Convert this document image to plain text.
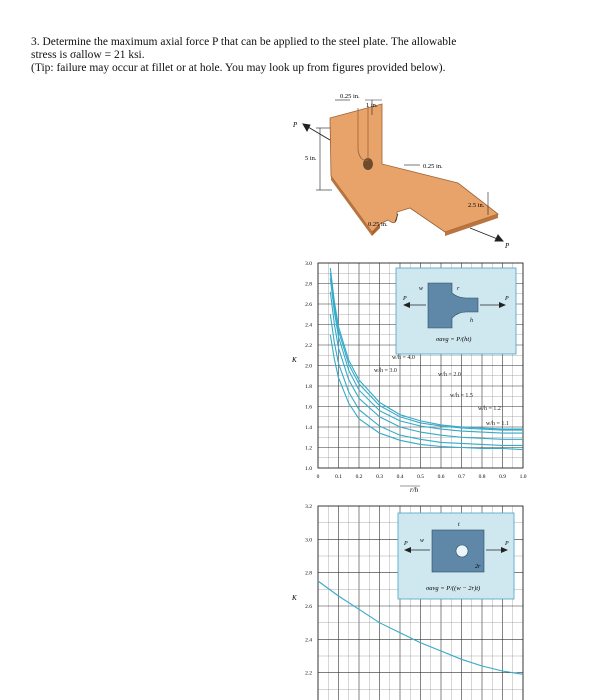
3. Determine the maximum axial force P that can be applied to the steel plate. The allowable
stress is σallow = 21 ksi.
(Tip: failure may occur at fillet or at hole. You may look up from figures provided below).
0.25 in.
1 in.
5 in.
0.25 in.
2.5 in.
0.25 in.
P
P
0	0.1 0.2 0.3 0.4 0.5 0.6 0.7 0.8 0.9 1.0
1.0
1.2
1.4
1.6
1.8
2.0
2.2
2.4
2.6
2.8
3.0
K
r/h
w/h = 4.0
w/h = 3.0
w/h = 2.0
w/h = 1.5
w/h = 1.2
w/h = 1.1
P	P
w	r
h
σavg = P/(ht)
3.2
3.0
2.8
2.6
2.4
2.2
K
P	P
w
t
2r
σavg = P/((w − 2r)t)
